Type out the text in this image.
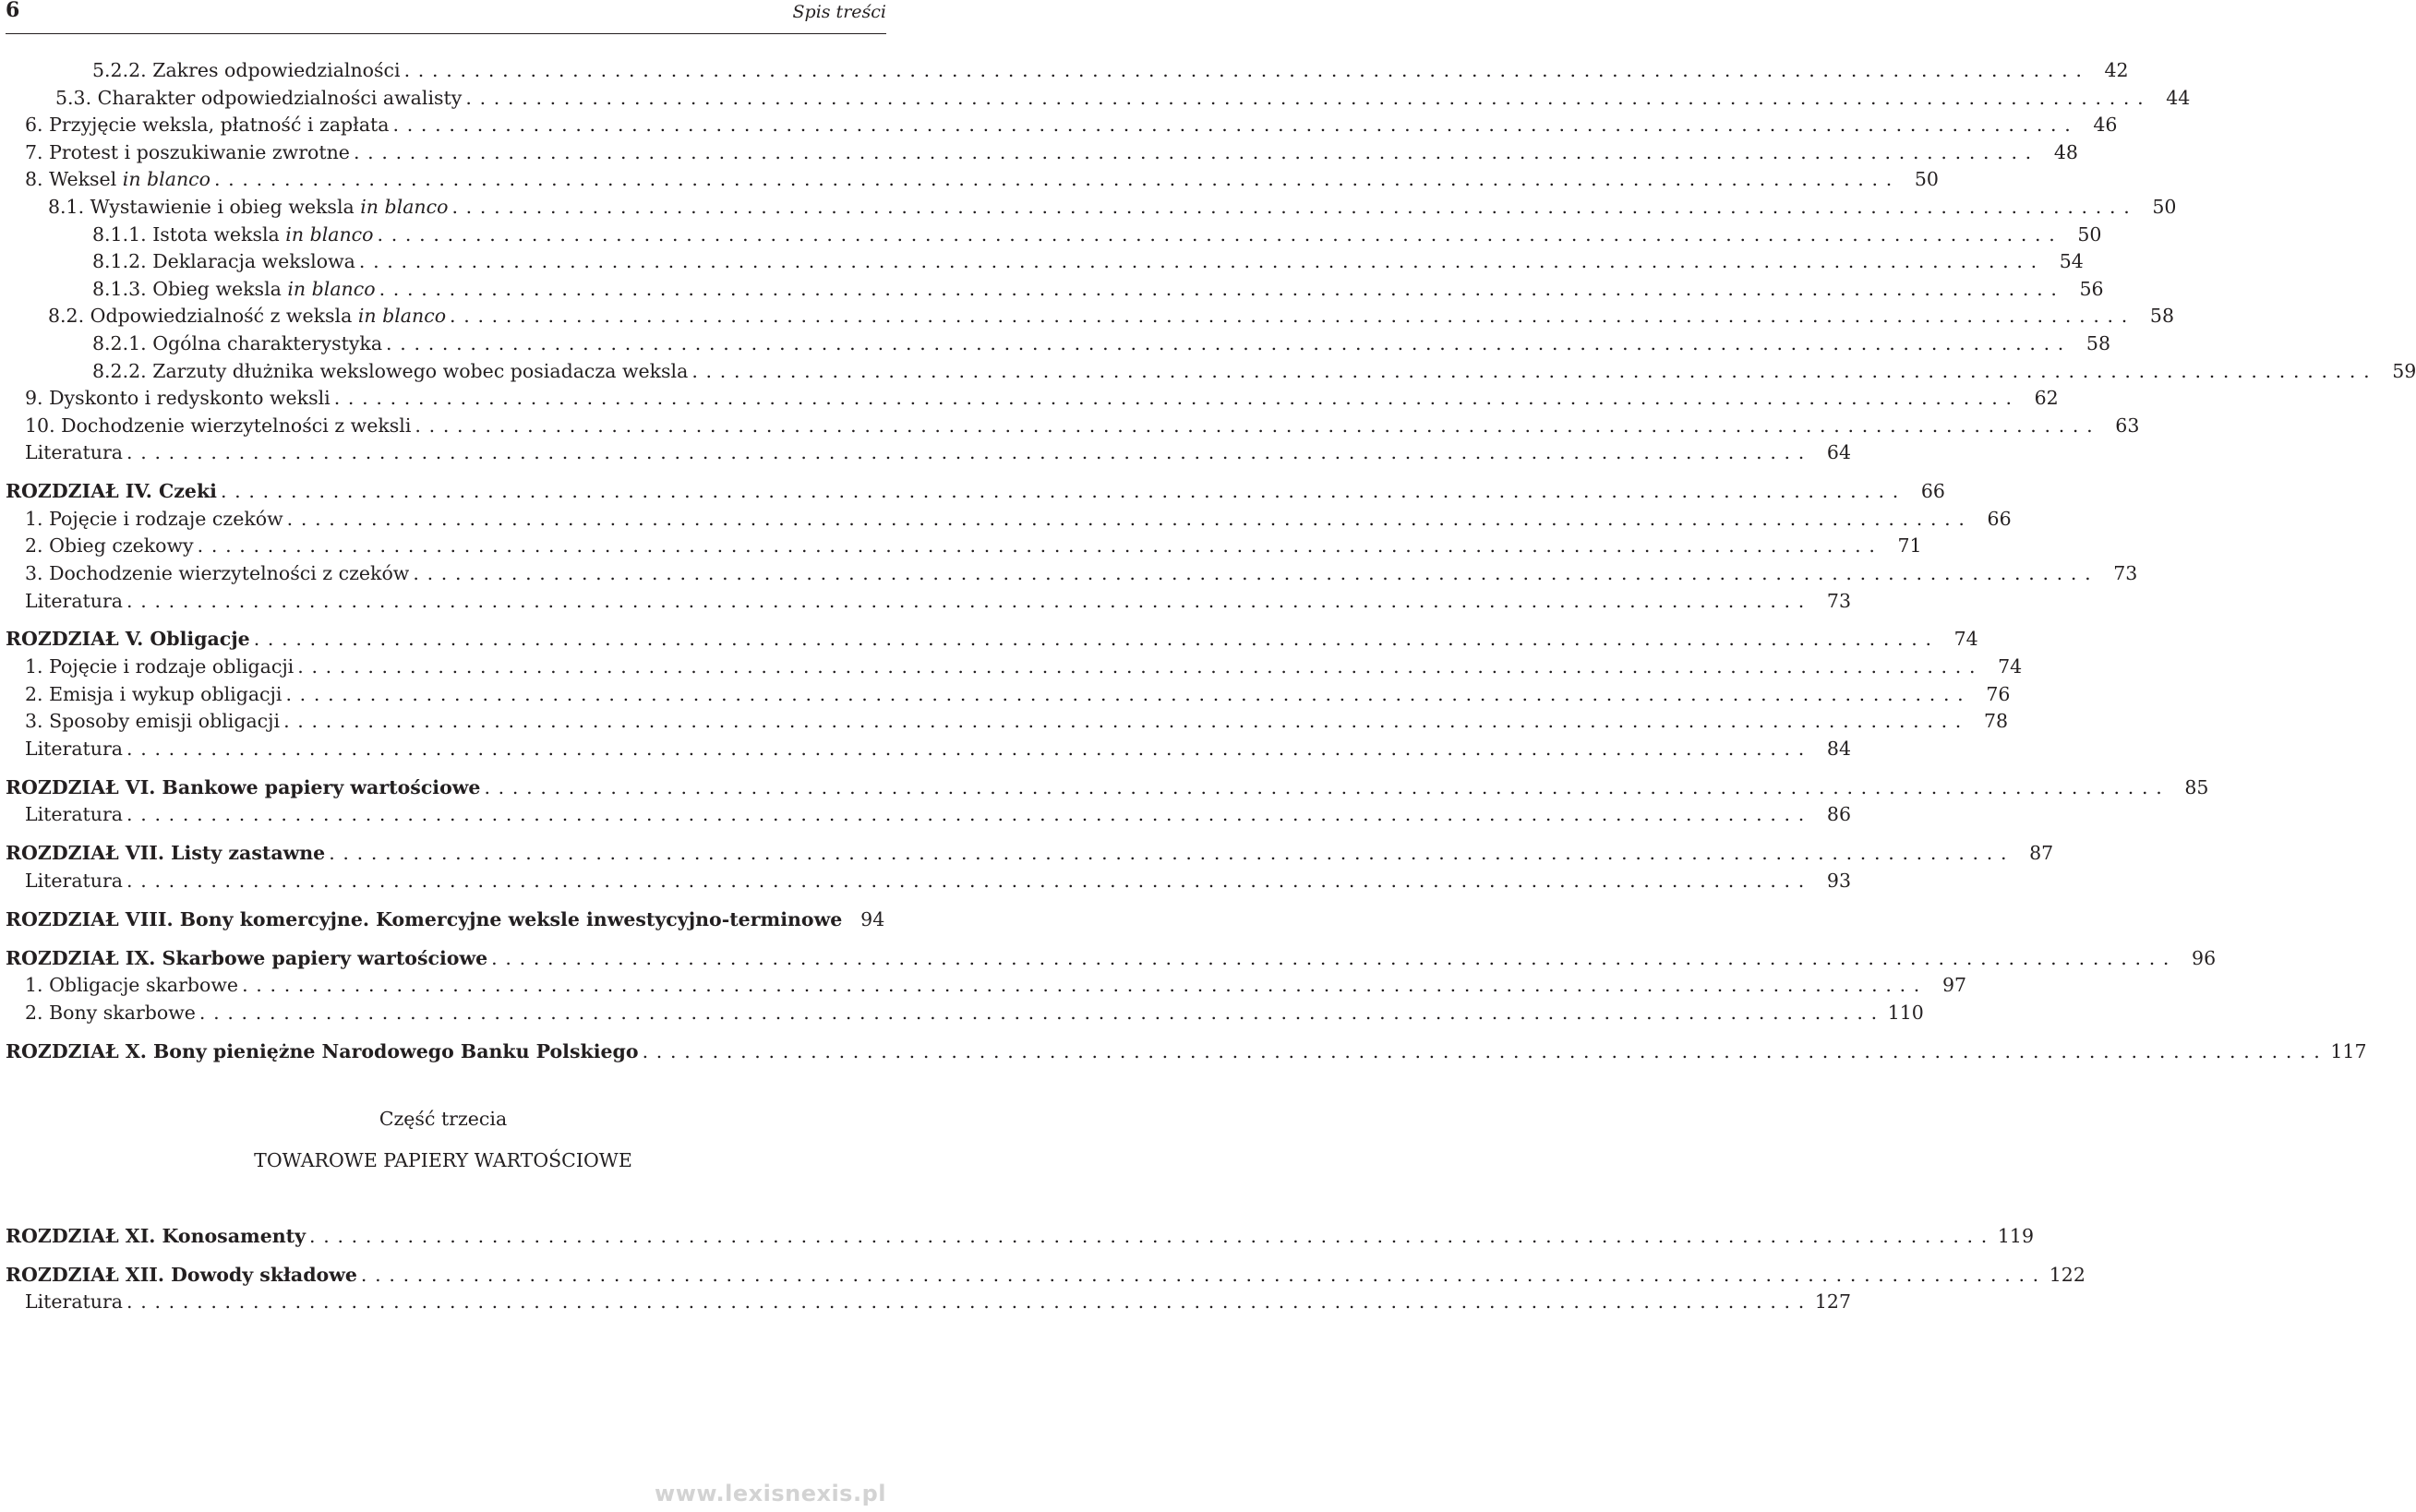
6	Spis treści
5.2.2. Zakres odpowiedzialności ........................................................................................................................ 42
5.3. Charakter odpowiedzialności awalisty ........................................................................................................................ 44
6. Przyjęcie weksla, płatność i zapłata ........................................................................................................................ 46
7. Protest i poszukiwanie zwrotne ........................................................................................................................ 48
8. Weksel in blanco ........................................................................................................................ 50
8.1. Wystawienie i obieg weksla in blanco ........................................................................................................................ 50
8.1.1. Istota weksla in blanco ........................................................................................................................ 50
8.1.2. Deklaracja wekslowa ........................................................................................................................ 54
8.1.3. Obieg weksla in blanco ........................................................................................................................ 56
8.2. Odpowiedzialność z weksla in blanco ........................................................................................................................ 58
8.2.1. Ogólna charakterystyka ........................................................................................................................ 58
8.2.2. Zarzuty dłużnika wekslowego wobec posiadacza weksla ........................................................................................................................ 59
9. Dyskonto i redyskonto weksli ........................................................................................................................ 62
10. Dochodzenie wierzytelności z weksli ........................................................................................................................ 63
Literatura ........................................................................................................................ 64
ROZDZIAŁ IV. Czeki ........................................................................................................................ 66
1. Pojęcie i rodzaje czeków ........................................................................................................................ 66
2. Obieg czekowy ........................................................................................................................ 71
3. Dochodzenie wierzytelności z czeków ........................................................................................................................ 73
Literatura ........................................................................................................................ 73
ROZDZIAŁ V. Obligacje ........................................................................................................................ 74
1. Pojęcie i rodzaje obligacji ........................................................................................................................ 74
2. Emisja i wykup obligacji ........................................................................................................................ 76
3. Sposoby emisji obligacji ........................................................................................................................ 78
Literatura ........................................................................................................................ 84
ROZDZIAŁ VI. Bankowe papiery wartościowe ........................................................................................................................ 85
Literatura ........................................................................................................................ 86
ROZDZIAŁ VII. Listy zastawne ........................................................................................................................ 87
Literatura ........................................................................................................................ 93
ROZDZIAŁ VIII. Bony komercyjne. Komercyjne weksle inwestycyjno-terminowe 94
ROZDZIAŁ IX. Skarbowe papiery wartościowe ........................................................................................................................ 96
1. Obligacje skarbowe ........................................................................................................................ 97
2. Bony skarbowe ........................................................................................................................ 110
ROZDZIAŁ X. Bony pieniężne Narodowego Banku Polskiego ........................................................................................................................ 117
Część trzecia
TOWAROWE PAPIERY WARTOŚCIOWE
ROZDZIAŁ XI. Konosamenty ........................................................................................................................ 119
ROZDZIAŁ XII. Dowody składowe ........................................................................................................................ 122
Literatura ........................................................................................................................ 127
www.lexisnexis.pl
